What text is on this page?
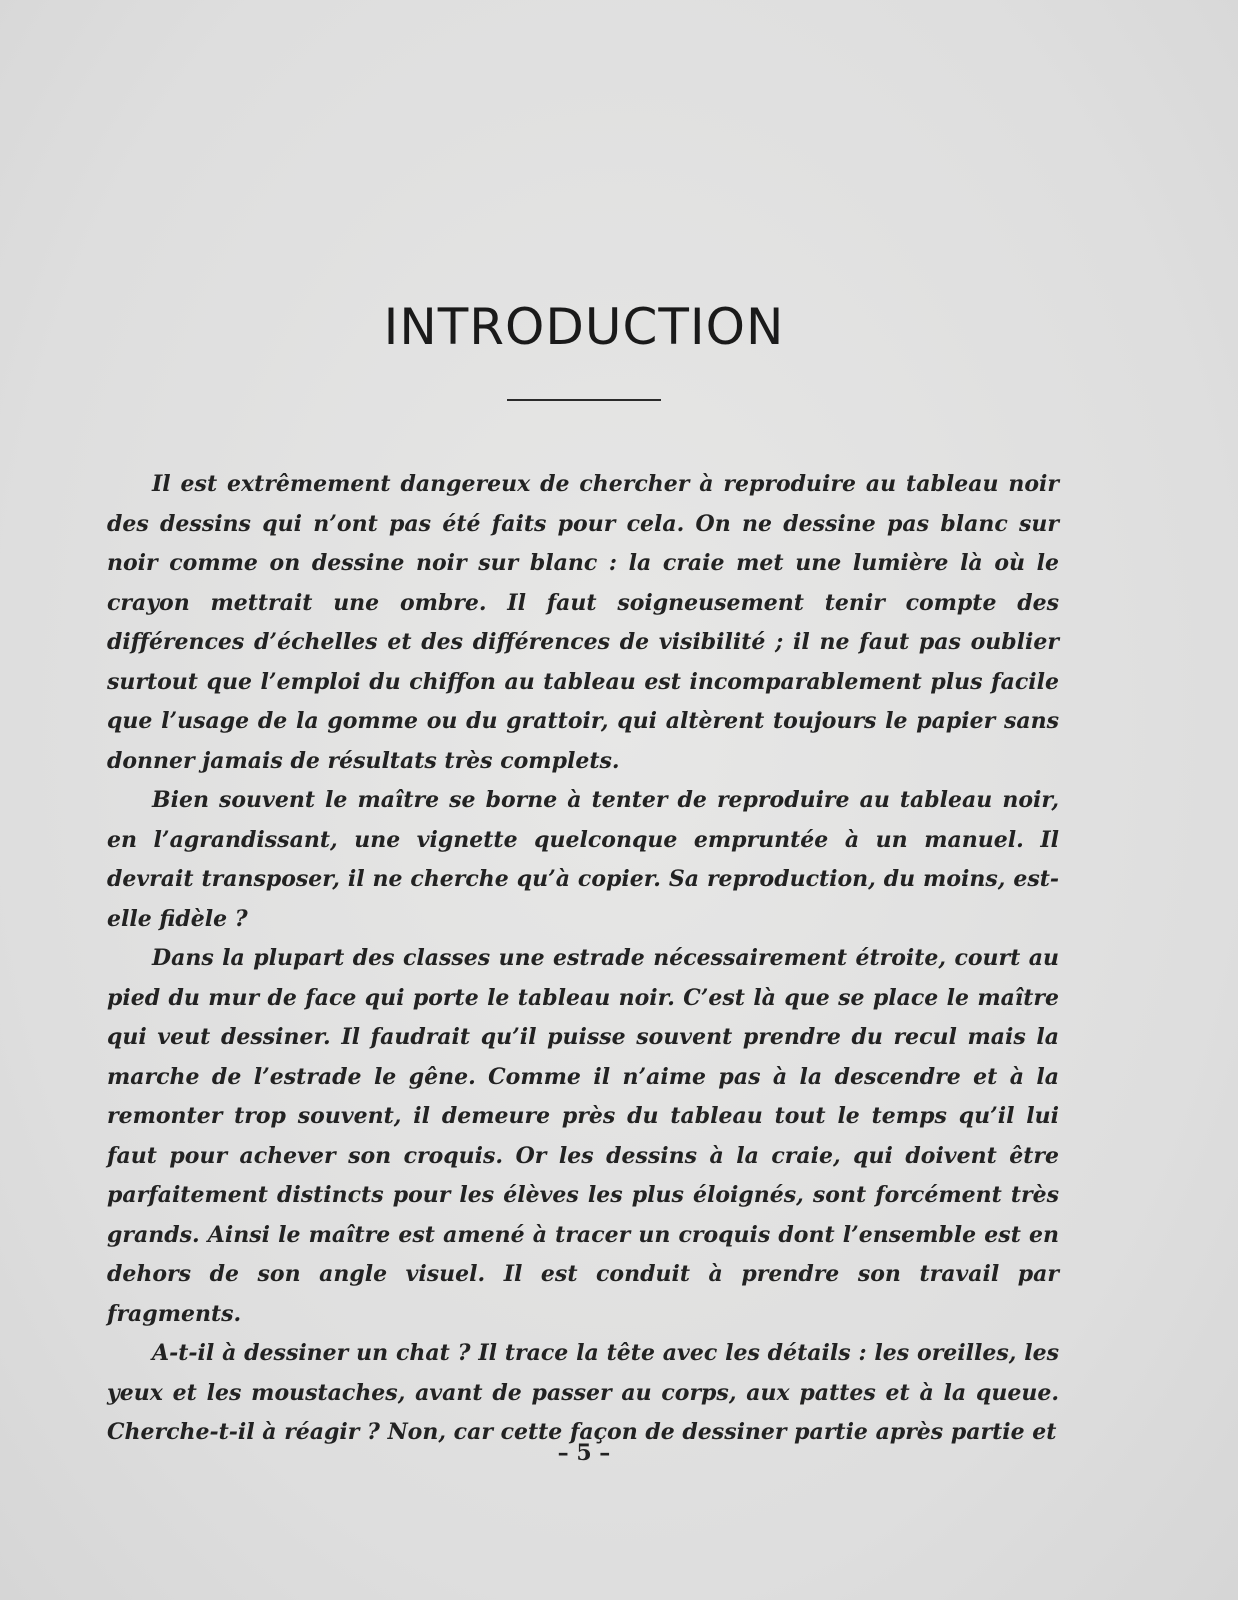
INTRODUCTION

Il est extrêmement dangereux de chercher à reproduire au tableau noir des dessins qui n’ont pas été faits pour cela. On ne dessine pas blanc sur noir comme on dessine noir sur blanc : la craie met une lumière là où le crayon mettrait une ombre. Il faut soigneusement tenir compte des différences d’échelles et des différences de visibilité ; il ne faut pas oublier surtout que l’emploi du chiffon au tableau est incomparablement plus facile que l’usage de la gomme ou du grattoir, qui altèrent toujours le papier sans donner jamais de résultats très complets.

Bien souvent le maître se borne à tenter de reproduire au tableau noir, en l’agrandissant, une vignette quelconque empruntée à un manuel. Il devrait transposer, il ne cherche qu’à copier. Sa reproduction, du moins, est-elle fidèle ?

Dans la plupart des classes une estrade nécessairement étroite, court au pied du mur de face qui porte le tableau noir. C’est là que se place le maître qui veut dessiner. Il faudrait qu’il puisse souvent prendre du recul mais la marche de l’estrade le gêne. Comme il n’aime pas à la descendre et à la remonter trop souvent, il demeure près du tableau tout le temps qu’il lui faut pour achever son croquis. Or les dessins à la craie, qui doivent être parfaitement distincts pour les élèves les plus éloignés, sont forcément très grands. Ainsi le maître est amené à tracer un croquis dont l’ensemble est en dehors de son angle visuel. Il est conduit à prendre son travail par fragments.

A-t-il à dessiner un chat ? Il trace la tête avec les détails : les oreilles, les yeux et les moustaches, avant de passer au corps, aux pattes et à la queue. Cherche-t-il à réagir ? Non, car cette façon de dessiner partie après partie et

– 5 –
